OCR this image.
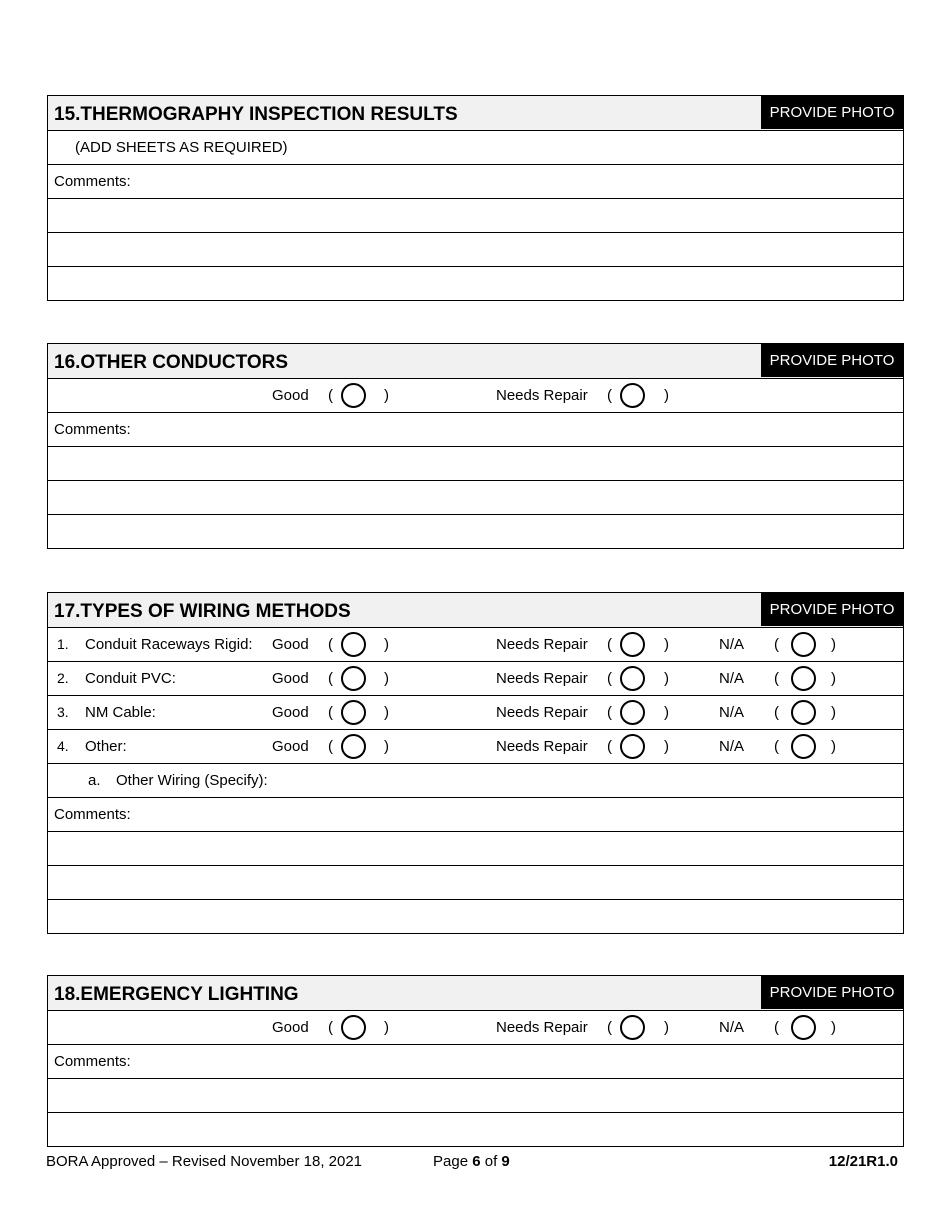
15.THERMOGRAPHY INSPECTION RESULTS	PROVIDE PHOTO
(ADD SHEETS AS REQUIRED)
Comments:
16.OTHER CONDUCTORS	PROVIDE PHOTO
Good (	)	Needs Repair (	)
Comments:
17.TYPES OF WIRING METHODS	PROVIDE PHOTO
1. Conduit Raceways Rigid: Good (	)	Needs Repair (	)	N/A (	)
2. Conduit PVC:	Good (	)	Needs Repair (	)	N/A (	)
3. NM Cable:	Good (	)	Needs Repair (	)	N/A (	)
4. Other:	Good (	)	Needs Repair (	)	N/A (	)
a. Other Wiring (Specify):
Comments:
18.EMERGENCY LIGHTING	PROVIDE PHOTO
Good (	)	Needs Repair (	)	N/A (	)
Comments:
BORA Approved – Revised November 18, 2021	Page 6 of 9	12/21R1.0
